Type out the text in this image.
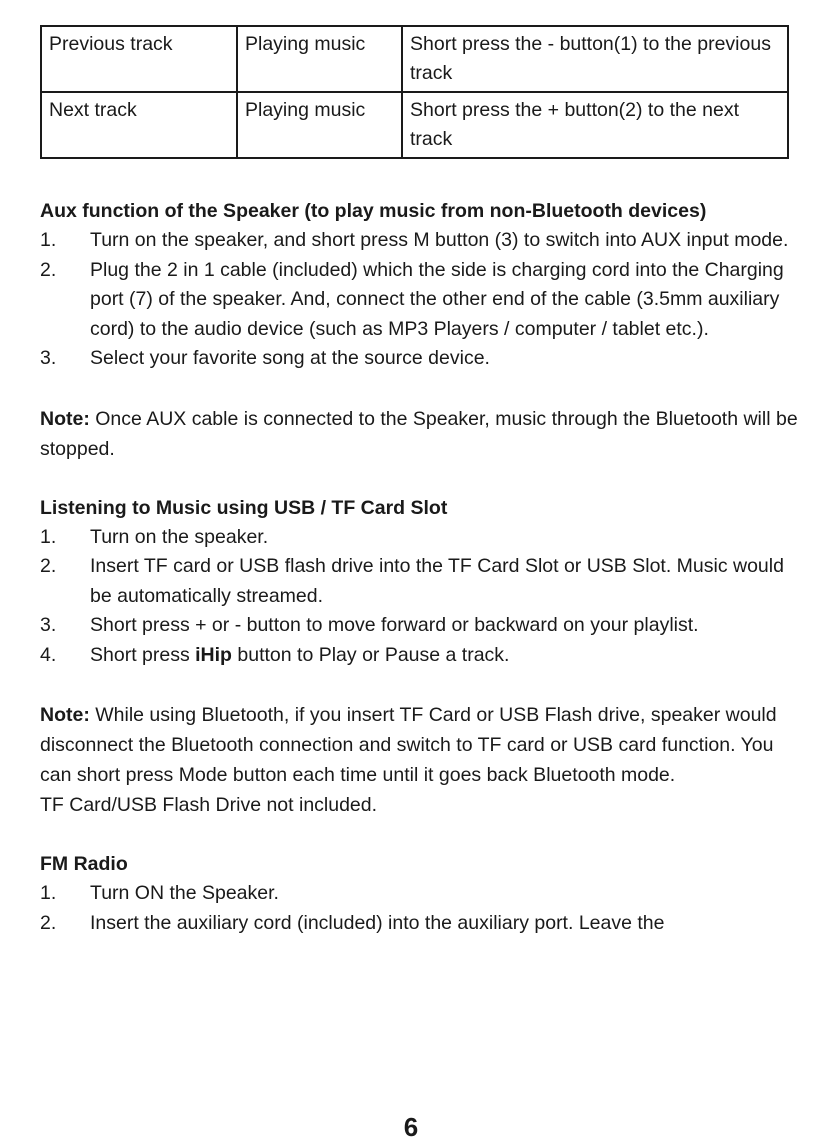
Previous track	Playing music	Short press the - button(1) to the previous track
Next track	Playing music	Short press the + button(2) to the next track
Aux function of the Speaker (to play music from non-Bluetooth devices)
1. Turn on the speaker, and short press M button (3) to switch into AUX input mode.
2. Plug the 2 in 1 cable (included) which the side is charging cord into the Charging port (7) of the speaker. And, connect the other end of the cable (3.5mm auxiliary cord) to the audio device (such as MP3 Players / computer / tablet etc.).
3. Select your favorite song at the source device.

Note: Once AUX cable is connected to the Speaker, music through the Bluetooth will be stopped.

Listening to Music using USB / TF Card Slot
1. Turn on the speaker.
2. Insert TF card or USB flash drive into the TF Card Slot or USB Slot. Music would be automatically streamed.
3. Short press + or - button to move forward or backward on your playlist.
4. Short press iHip button to Play or Pause a track.

Note: While using Bluetooth, if you insert TF Card or USB Flash drive, speaker would disconnect the Bluetooth connection and switch to TF card or USB card function. You can short press Mode button each time until it goes back Bluetooth mode.

TF Card/USB Flash Drive not included.

FM Radio
1. Turn ON the Speaker.
2. Insert the auxiliary cord (included) into the auxiliary port. Leave the
6
